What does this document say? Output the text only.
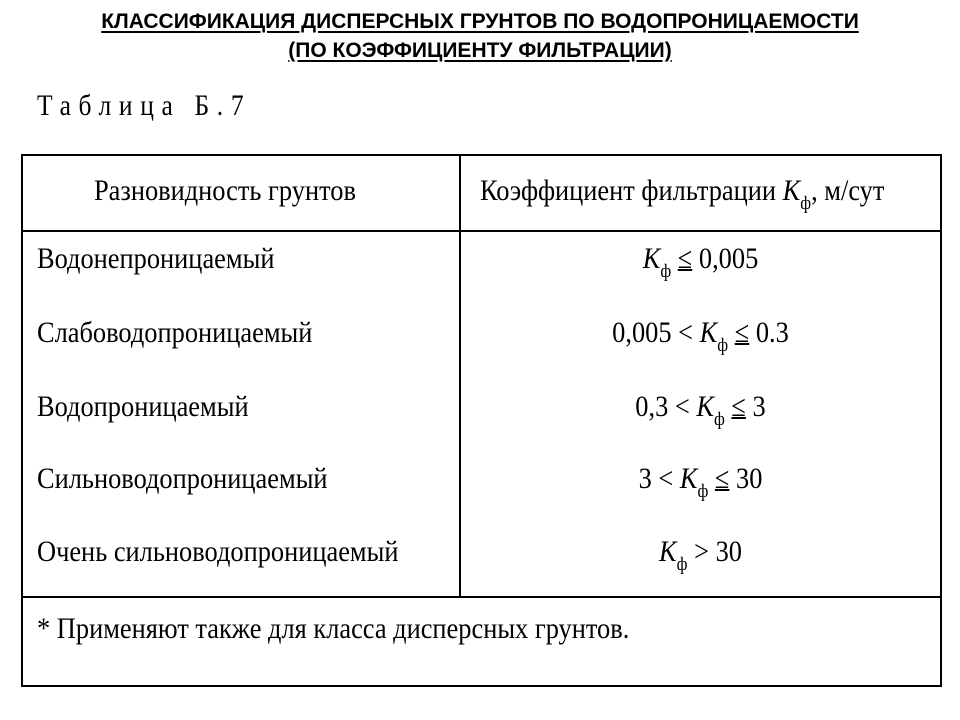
КЛАССИФИКАЦИЯ ДИСПЕРСНЫХ ГРУНТОВ ПО ВОДОПРОНИЦАЕМОСТИ
(ПО КОЭФФИЦИЕНТУ ФИЛЬТРАЦИИ)
Таблица Б.7
Разновидность грунтов	Коэффициент фильтрации $K_ф$, м/сут
Водонепроницаемый	$K_ф \le 0,005$
Слабоводопроницаемый	$0,005 < K_ф \le 0.3$
Водопроницаемый	$0,3 < K_ф \le 3$
Сильноводопроницаемый	$3 < K_ф \le 30$
Очень сильноводопроницаемый	$K_ф > 30$
* Применяют также для класса дисперсных грунтов.
